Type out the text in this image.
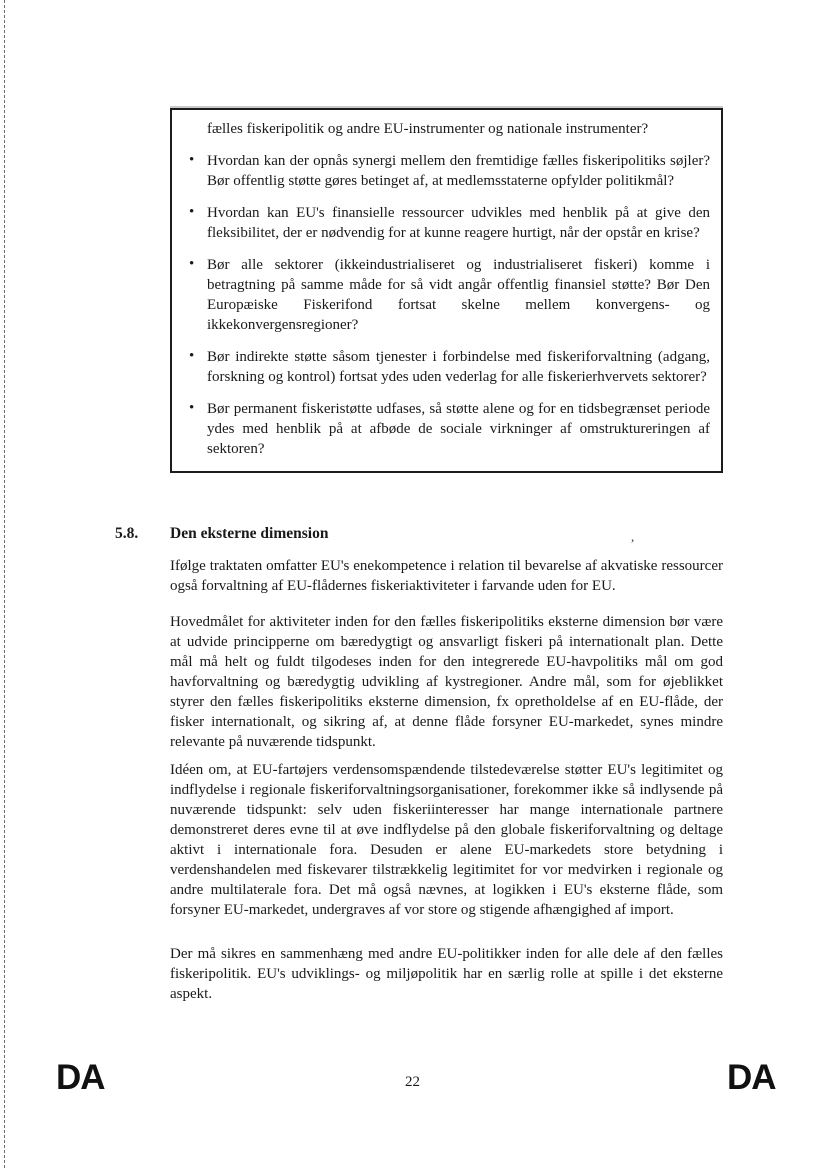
fælles fiskeripolitik og andre EU-instrumenter og nationale instrumenter?
• Hvordan kan der opnås synergi mellem den fremtidige fælles fiskeripolitiks søjler? Bør offentlig støtte gøres betinget af, at medlemsstaterne opfylder politikmål?
• Hvordan kan EU's finansielle ressourcer udvikles med henblik på at give den fleksibilitet, der er nødvendig for at kunne reagere hurtigt, når der opstår en krise?
• Bør alle sektorer (ikkeindustrialiseret og industrialiseret fiskeri) komme i betragtning på samme måde for så vidt angår offentlig finansiel støtte? Bør Den Europæiske Fiskerifond fortsat skelne mellem konvergens- og ikkekonvergensregioner?
• Bør indirekte støtte såsom tjenester i forbindelse med fiskeriforvaltning (adgang, forskning og kontrol) fortsat ydes uden vederlag for alle fiskerierhvervets sektorer?
• Bør permanent fiskeristøtte udfases, så støtte alene og for en tidsbegrænset periode ydes med henblik på at afbøde de sociale virkninger af omstruktureringen af sektoren?
5.8.	Den eksterne dimension	,
Ifølge traktaten omfatter EU's enekompetence i relation til bevarelse af akvatiske ressourcer også forvaltning af EU-flådernes fiskeriaktiviteter i farvande uden for EU.
Hovedmålet for aktiviteter inden for den fælles fiskeripolitiks eksterne dimension bør være at udvide principperne om bæredygtigt og ansvarligt fiskeri på internationalt plan. Dette mål må helt og fuldt tilgodeses inden for den integrerede EU-havpolitiks mål om god havforvaltning og bæredygtig udvikling af kystregioner. Andre mål, som for øjeblikket styrer den fælles fiskeripolitiks eksterne dimension, fx opretholdelse af en EU-flåde, der fisker internationalt, og sikring af, at denne flåde forsyner EU-markedet, synes mindre relevante på nuværende tidspunkt.
Idéen om, at EU-fartøjers verdensomspændende tilstedeværelse støtter EU's legitimitet og indflydelse i regionale fiskeriforvaltningsorganisationer, forekommer ikke så indlysende på nuværende tidspunkt: selv uden fiskeriinteresser har mange internationale partnere demonstreret deres evne til at øve indflydelse på den globale fiskeriforvaltning og deltage aktivt i internationale fora. Desuden er alene EU-markedets store betydning i verdenshandelen med fiskevarer tilstrækkelig legitimitet for vor medvirken i regionale og andre multilaterale fora. Det må også nævnes, at logikken i EU's eksterne flåde, som forsyner EU-markedet, undergraves af vor store og stigende afhængighed af import.
Der må sikres en sammenhæng med andre EU-politikker inden for alle dele af den fælles fiskeripolitik. EU's udviklings- og miljøpolitik har en særlig rolle at spille i det eksterne aspekt.
DA	22	DA
